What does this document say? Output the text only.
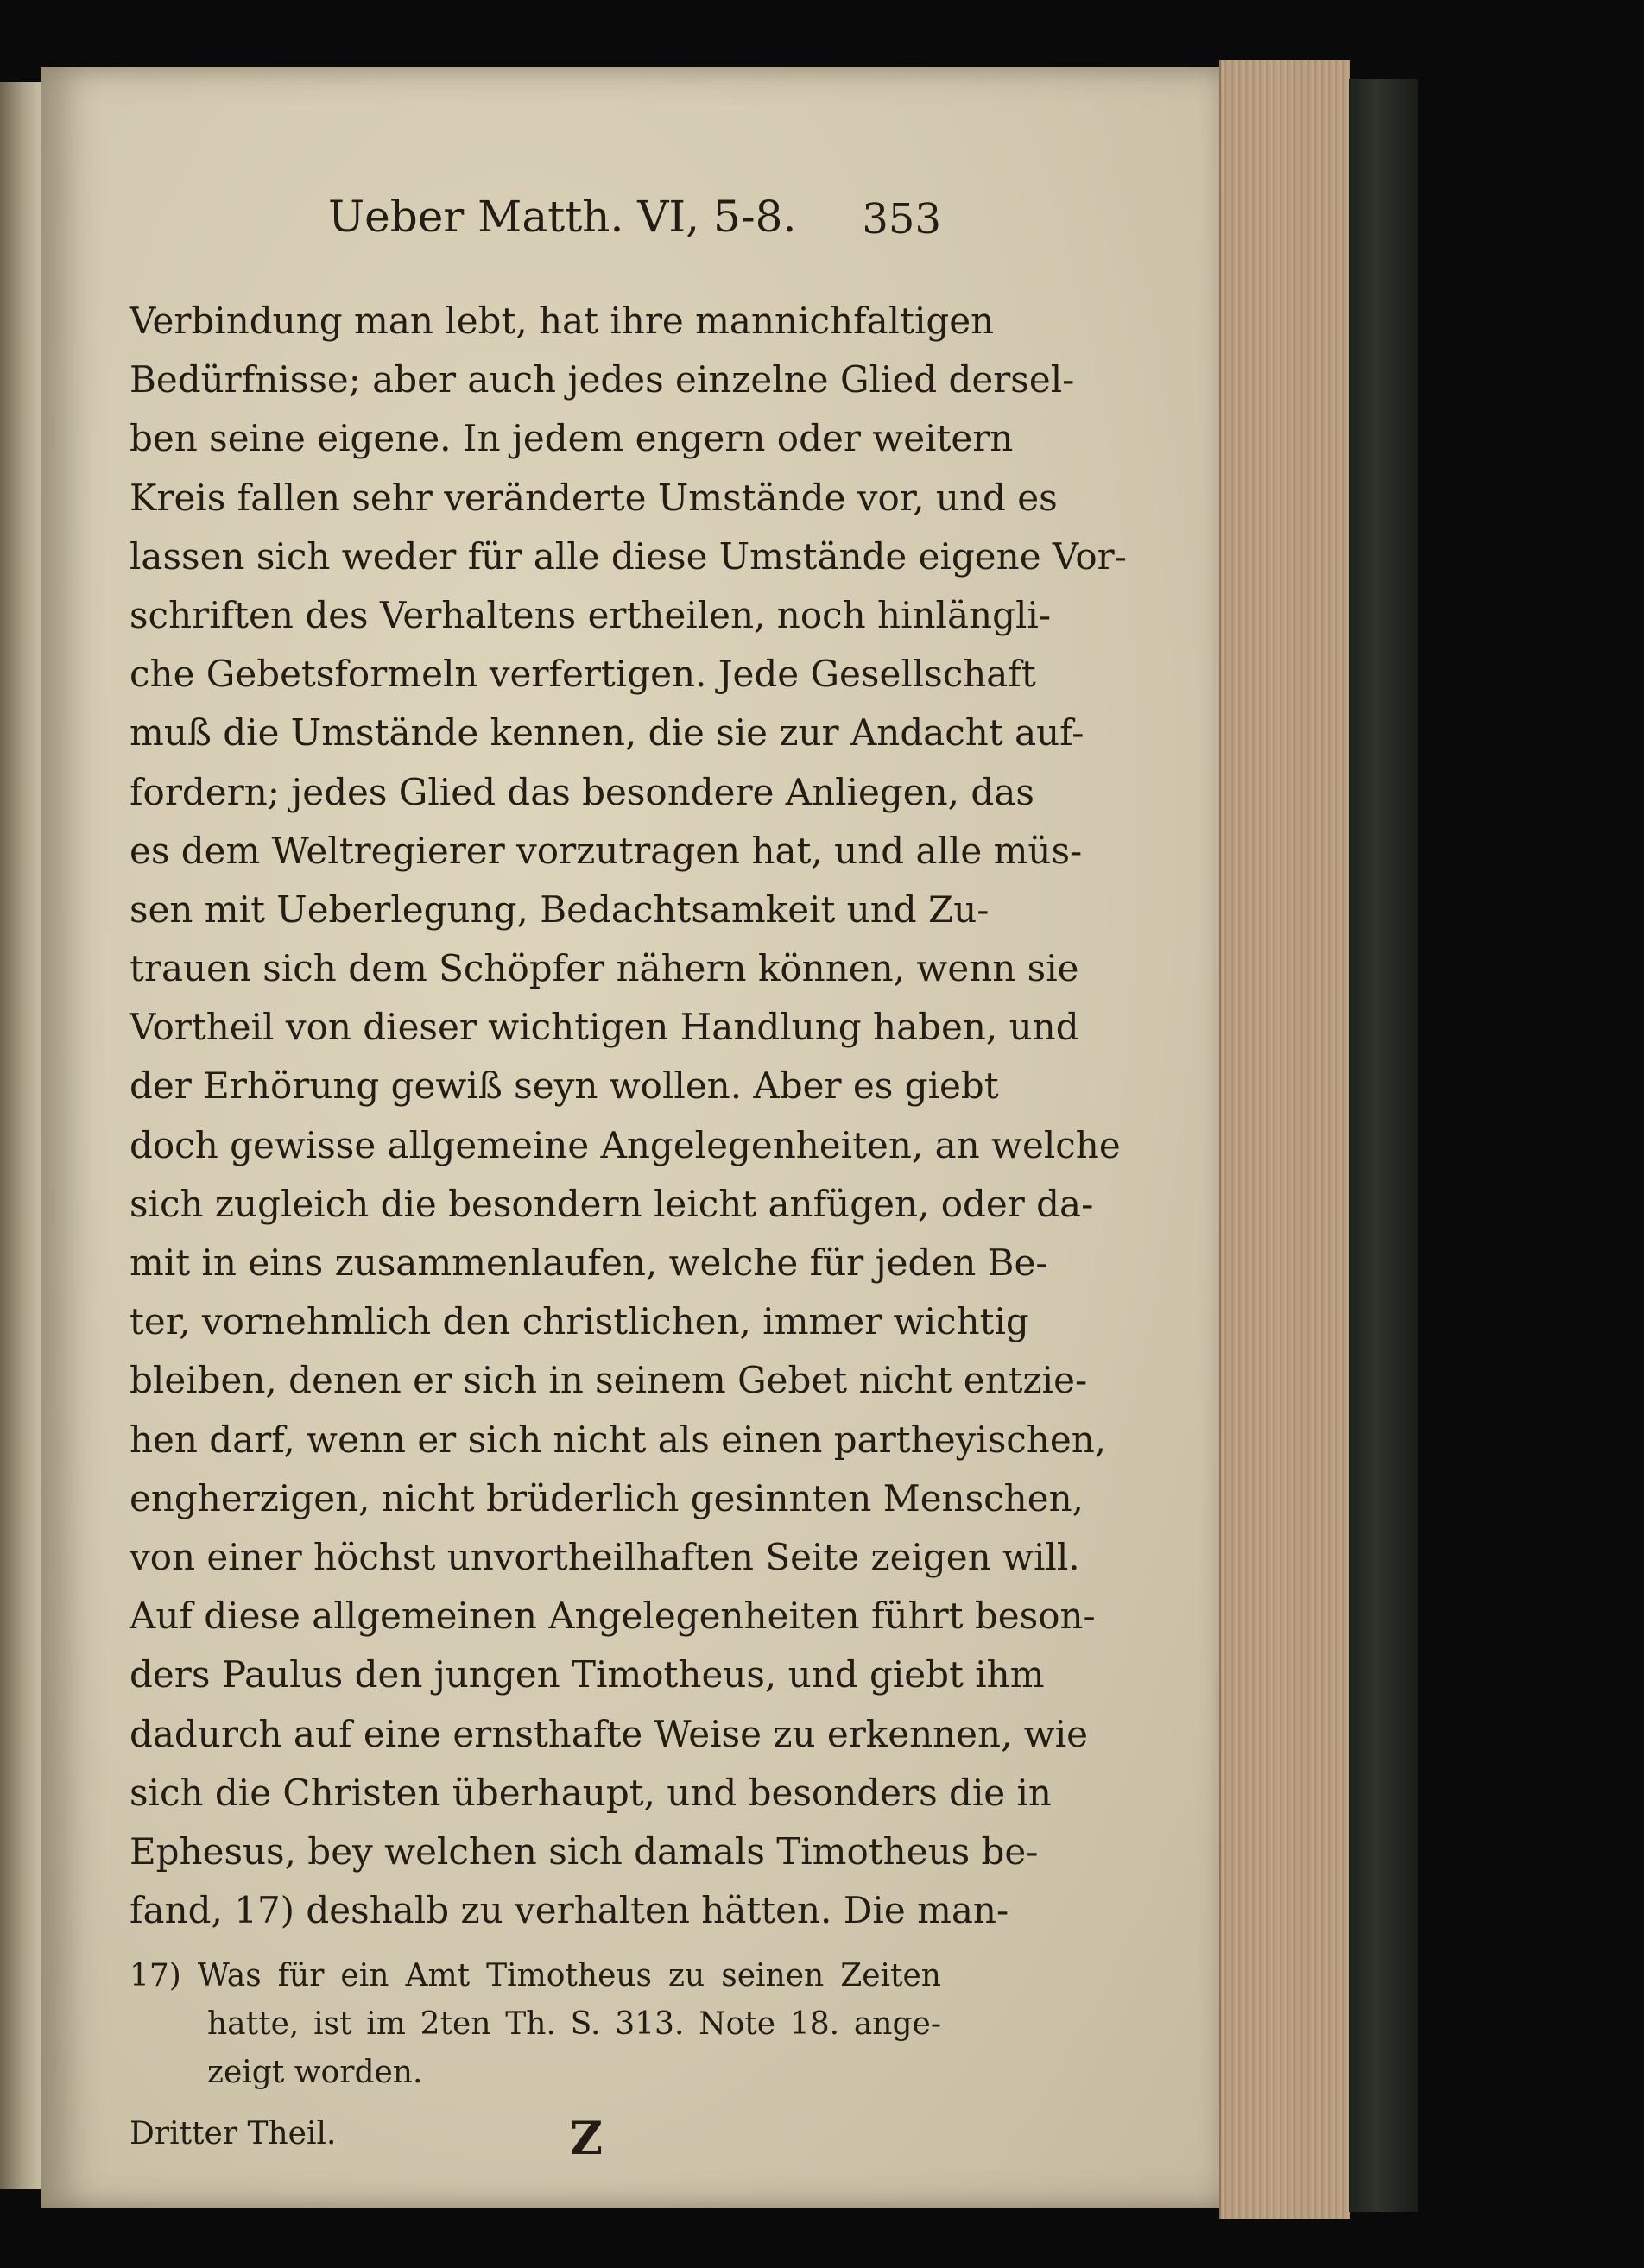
Ueber Matth. VI, 5-8. 353
Verbindung man lebt, hat ihre mannichfaltigen
Bedürfnisse; aber auch jedes einzelne Glied dersel-
ben seine eigene. In jedem engern oder weitern
Kreis fallen sehr veränderte Umstände vor, und es
lassen sich weder für alle diese Umstände eigene Vor-
schriften des Verhaltens ertheilen, noch hinlängli-
che Gebetsformeln verfertigen. Jede Gesellschaft
muß die Umstände kennen, die sie zur Andacht auf-
fordern; jedes Glied das besondere Anliegen, das
es dem Weltregierer vorzutragen hat, und alle müs-
sen mit Ueberlegung, Bedachtsamkeit und Zu-
trauen sich dem Schöpfer nähern können, wenn sie
Vortheil von dieser wichtigen Handlung haben, und
der Erhörung gewiß seyn wollen. Aber es giebt
doch gewisse allgemeine Angelegenheiten, an welche
sich zugleich die besondern leicht anfügen, oder da-
mit in eins zusammenlaufen, welche für jeden Be-
ter, vornehmlich den christlichen, immer wichtig
bleiben, denen er sich in seinem Gebet nicht entzie-
hen darf, wenn er sich nicht als einen partheyischen,
engherzigen, nicht brüderlich gesinnten Menschen,
von einer höchst unvortheilhaften Seite zeigen will.
Auf diese allgemeinen Angelegenheiten führt beson-
ders Paulus den jungen Timotheus, und giebt ihm
dadurch auf eine ernsthafte Weise zu erkennen, wie
sich die Christen überhaupt, und besonders die in
Ephesus, bey welchen sich damals Timotheus be-
fand, 17) deshalb zu verhalten hätten. Die man-
17) Was für ein Amt Timotheus zu seinen Zeiten
hatte, ist im 2ten Th. S. 313. Note 18. ange-
zeigt worden.
Dritter Theil.	Z
